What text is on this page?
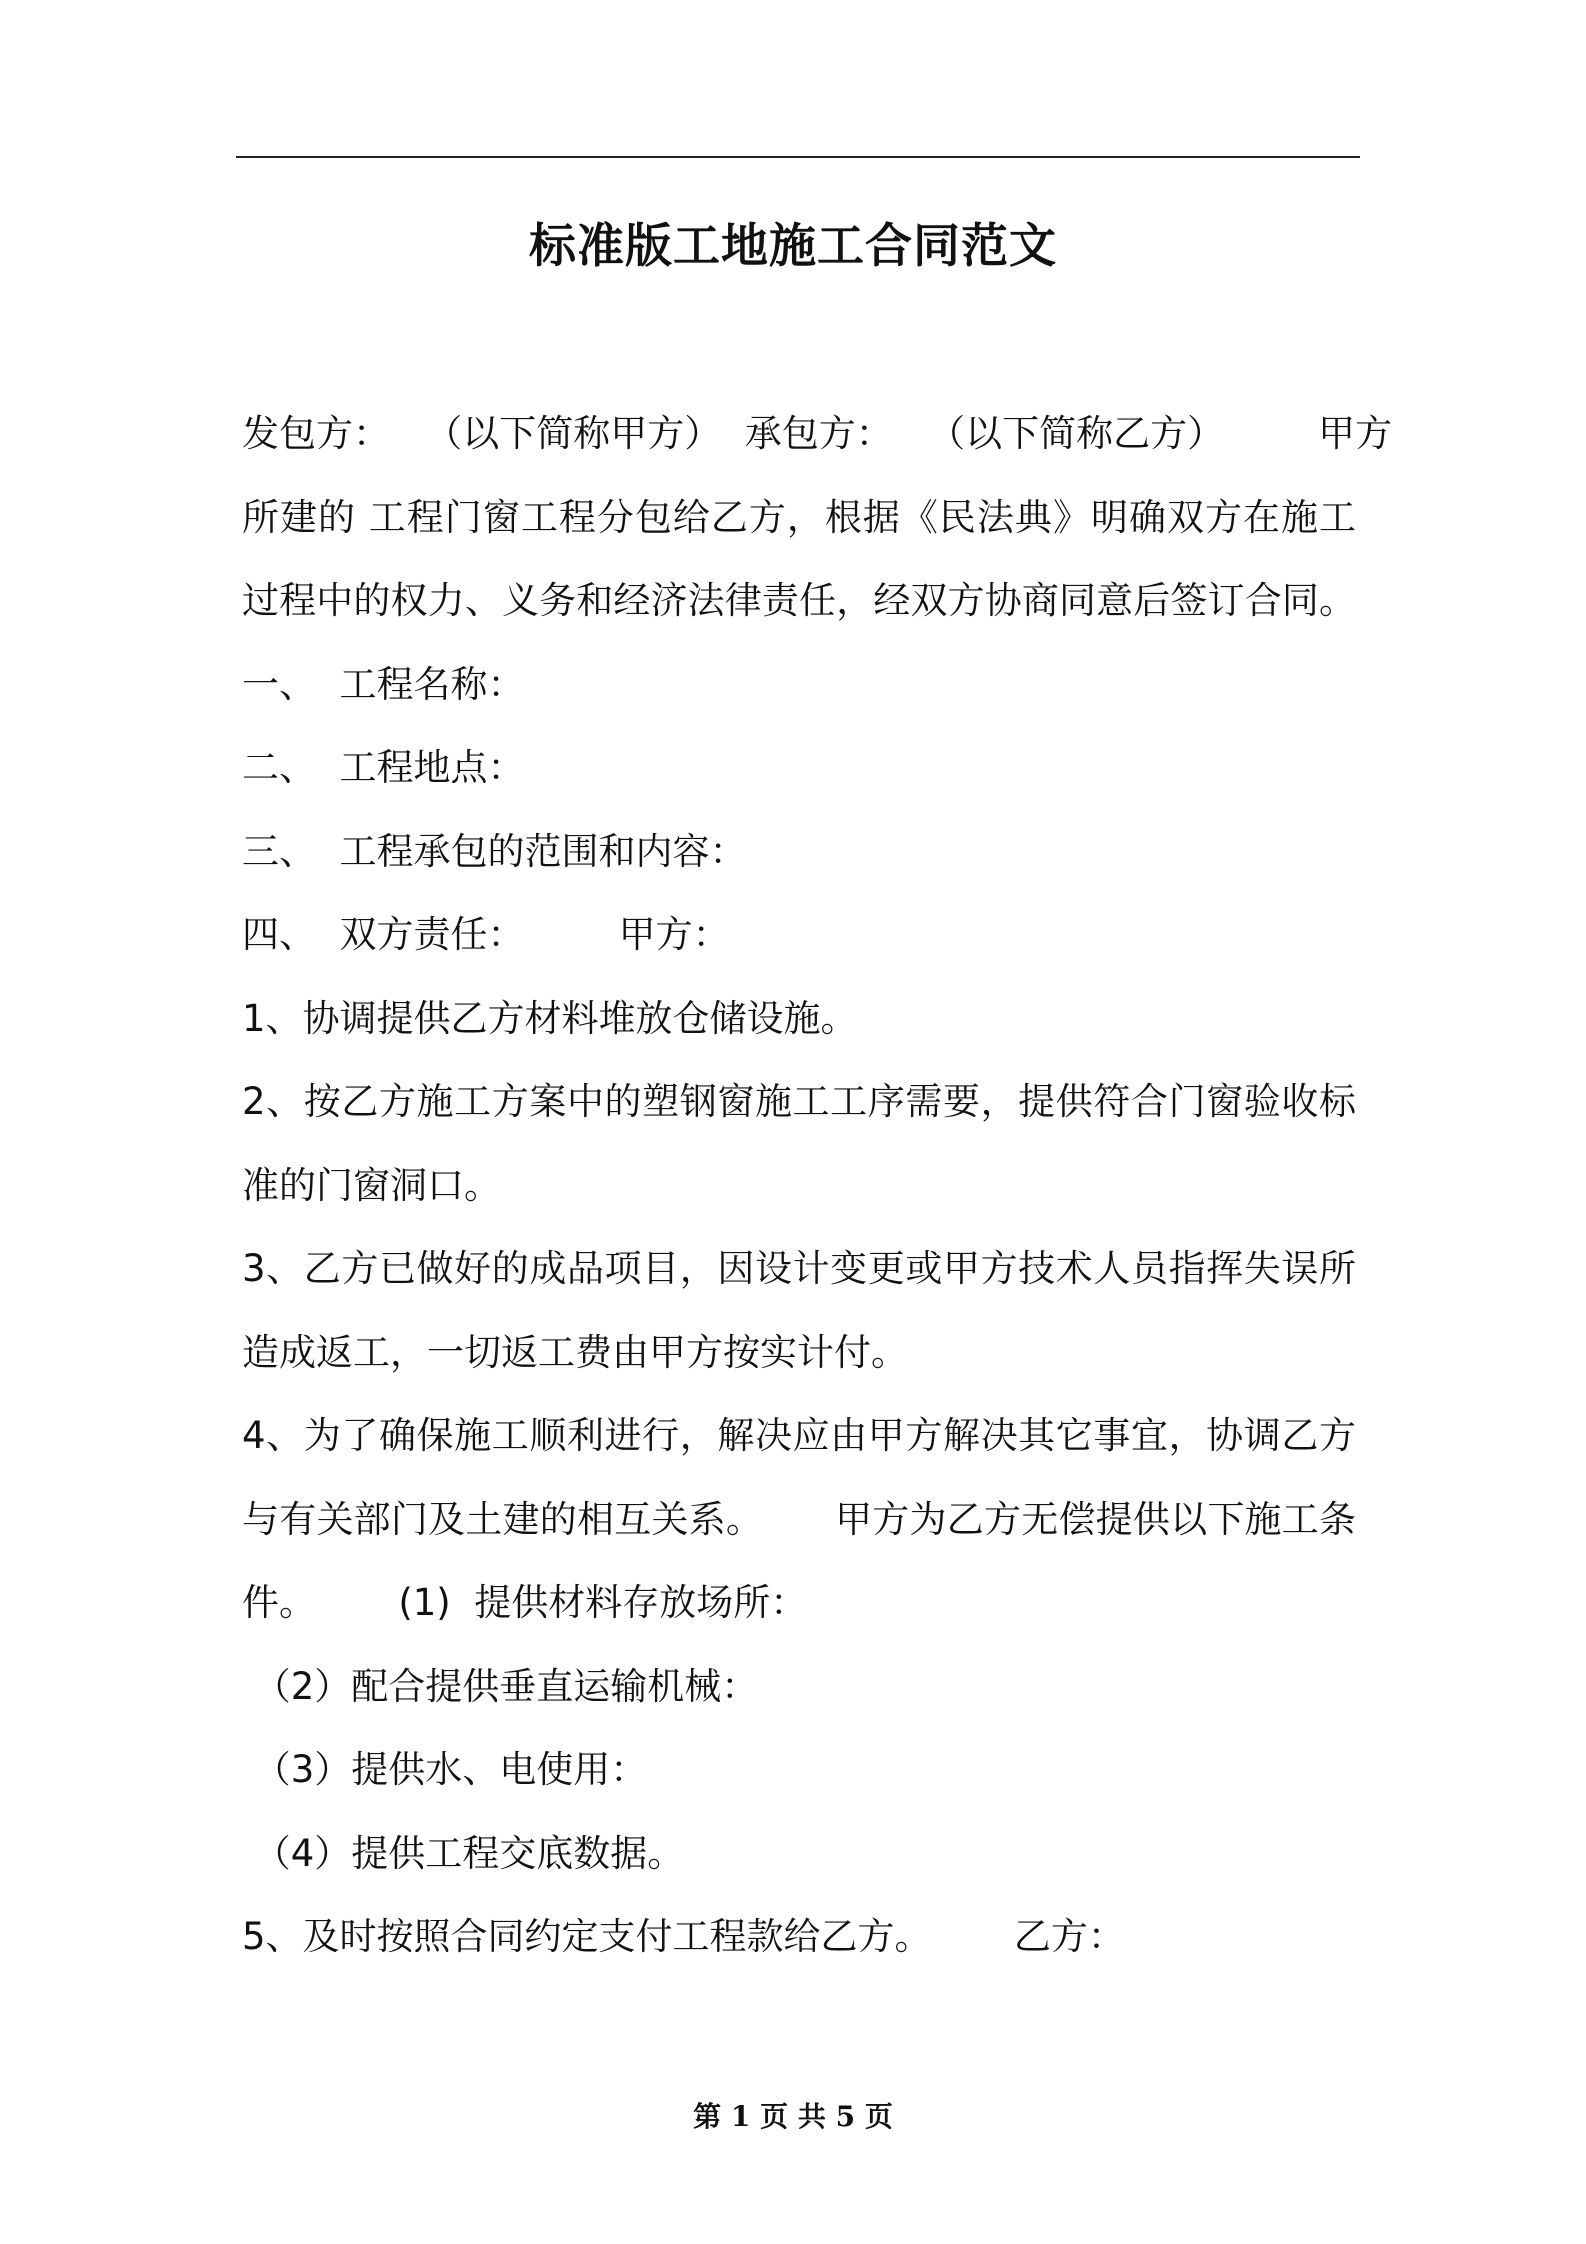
标准版工地施工合同范文
发包方：   （以下简称甲方）  承包方：   （以下简称乙方）        甲方
所建的 工程门窗工程分包给乙方，根据《民法典》明确双方在施工
过程中的权力、义务和经济法律责任，经双方协商同意后签订合同。
一、  工程名称：
二、  工程地点：
三、  工程承包的范围和内容：
四、  双方责任：        甲方：
1、协调提供乙方材料堆放仓储设施。
2、按乙方施工方案中的塑钢窗施工工序需要，提供符合门窗验收标
准的门窗洞口。
3、乙方已做好的成品项目，因设计变更或甲方技术人员指挥失误所
造成返工，一切返工费由甲方按实计付。
4、为了确保施工顺利进行，解决应由甲方解决其它事宜，协调乙方
与有关部门及土建的相互关系。      甲方为乙方无偿提供以下施工条
件。       (1)  提供材料存放场所：
（2）配合提供垂直运输机械：
（3）提供水、电使用：
（4）提供工程交底数据。
5、及时按照合同约定支付工程款给乙方。       乙方：
第 1 页 共 5 页
